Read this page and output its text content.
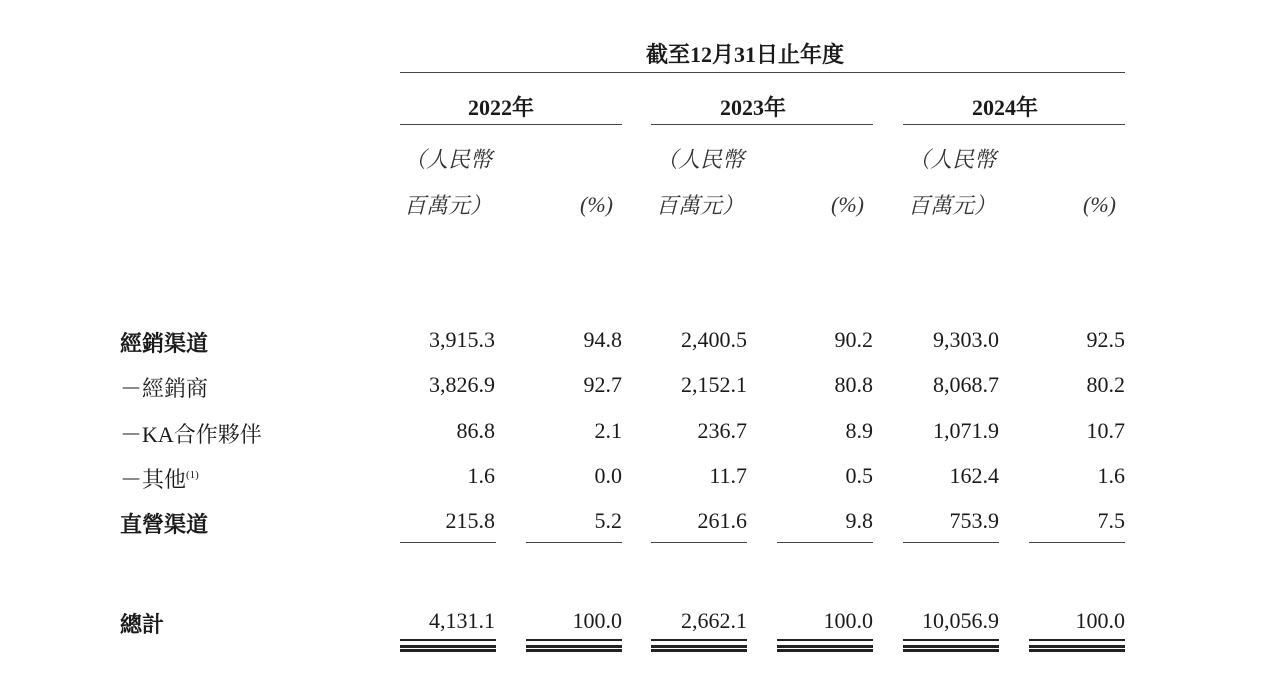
截至12月31日止年度
2022年	2023年	2024年
（人民幣
百萬元）	(%)
（人民幣
百萬元）	(%)
（人民幣
百萬元）	(%)
經銷渠道	3,915.3	94.8	2,400.5	90.2	9,303.0	92.5
－經銷商	3,826.9	92.7	2,152.1	80.8	8,068.7	80.2
－KA合作夥伴	86.8	2.1	236.7	8.9	1,071.9	10.7
－其他$^{(1)}$	1.6	0.0	11.7	0.5	162.4	1.6
直營渠道	215.8	5.2	261.6	9.8	753.9	7.5
總計	4,131.1	100.0	2,662.1	100.0 10,056.9	100.0
